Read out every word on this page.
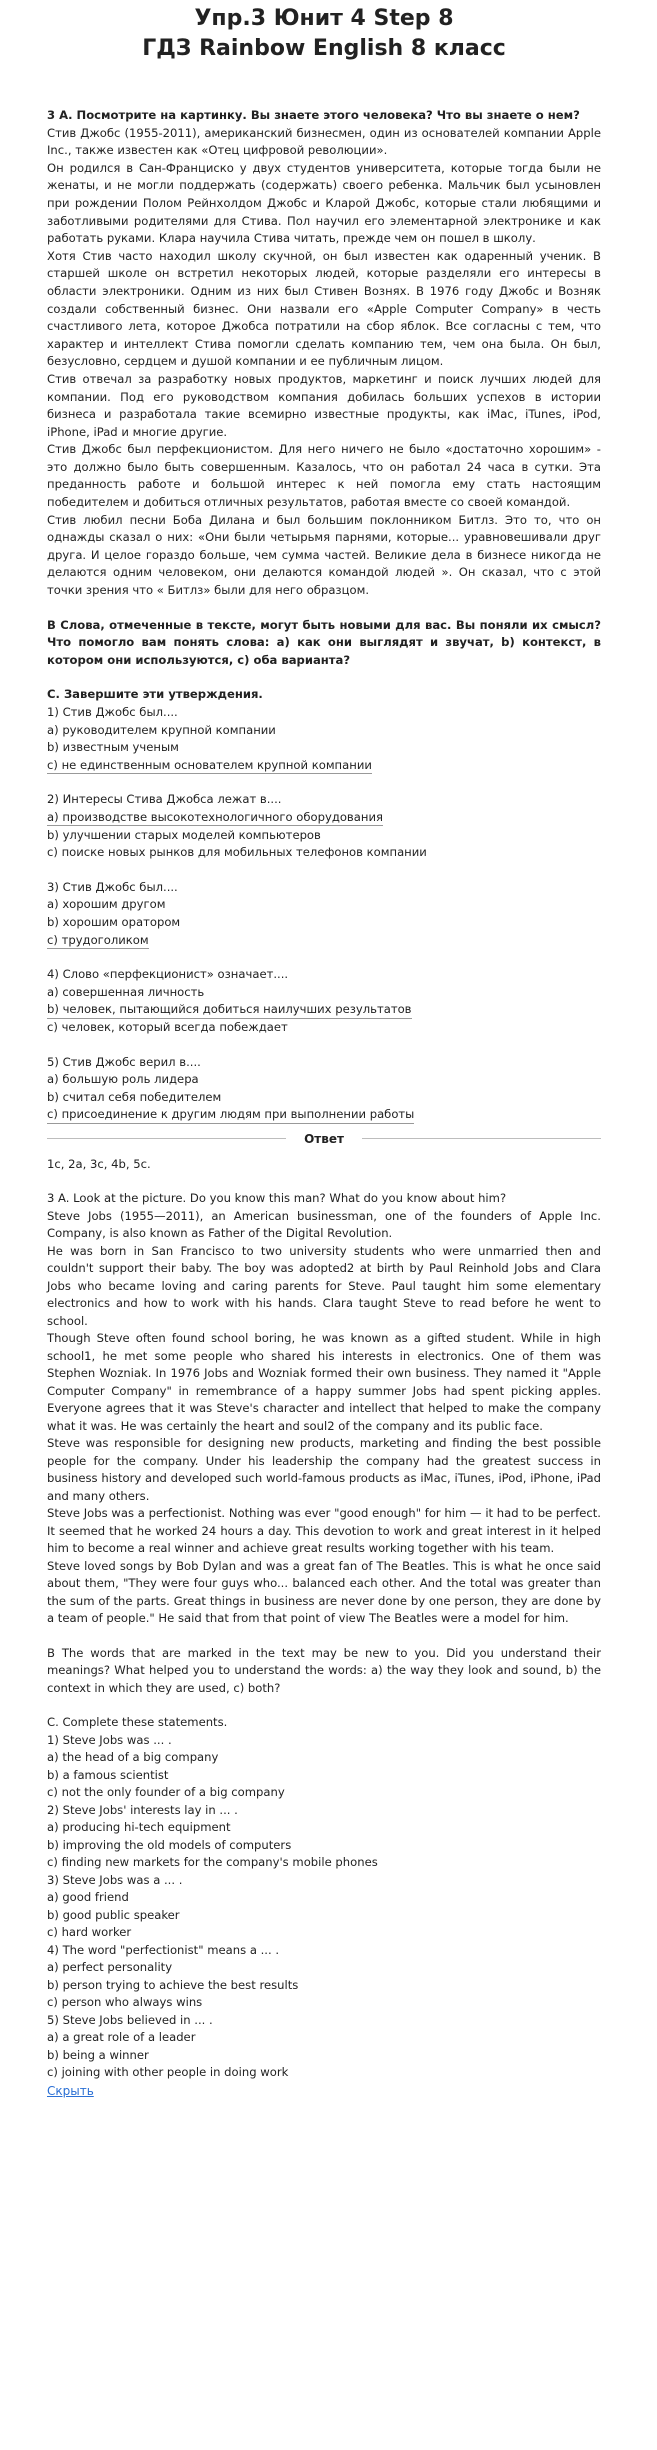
Упр.3 Юнит 4 Step 8
ГДЗ Rainbow English 8 класс

3 А. Посмотрите на картинку. Вы знаете этого человека? Что вы знаете о нем?

Стив Джобс (1955-2011), американский бизнесмен, один из основателей компании Apple Inc., также известен как «Отец цифровой революции».

Он родился в Сан-Франциско у двух студентов университета, которые тогда были не женаты, и не могли поддержать (содержать) своего ребенка. Мальчик был усыновлен при рождении Полом Рейнхолдом Джобс и Кларой Джобс, которые стали любящими и заботливыми родителями для Стива. Пол научил его элементарной электронике и как работать руками. Клара научила Стива читать, прежде чем он пошел в школу.

Хотя Стив часто находил школу скучной, он был известен как одаренный ученик. В старшей школе он встретил некоторых людей, которые разделяли его интересы в области электроники. Одним из них был Стивен Вознях. В 1976 году Джобс и Возняк создали собственный бизнес. Они назвали его «Apple Computer Company» в честь счастливого лета, которое Джобса потратили на сбор яблок. Все согласны с тем, что характер и интеллект Стива помогли сделать компанию тем, чем она была. Он был, безусловно, сердцем и душой компании и ее публичным лицом.

Стив отвечал за разработку новых продуктов, маркетинг и поиск лучших людей для компании. Под его руководством компания добилась больших успехов в истории бизнеса и разработала такие всемирно известные продукты, как iMac, iTunes, iPod, iPhone, iPad и многие другие.

Стив Джобс был перфекционистом. Для него ничего не было «достаточно хорошим» - это должно было быть совершенным. Казалось, что он работал 24 часа в сутки. Эта преданность работе и большой интерес к ней помогла ему стать настоящим победителем и добиться отличных результатов, работая вместе со своей командой.

Стив любил песни Боба Дилана и был большим поклонником Битлз. Это то, что он однажды сказал о них: «Они были четырьмя парнями, которые... уравновешивали друг друга. И целое гораздо больше, чем сумма частей. Великие дела в бизнесе никогда не делаются одним человеком, они делаются командой людей ». Он сказал, что с этой точки зрения что « Битлз» были для него образцом.

В Слова, отмеченные в тексте, могут быть новыми для вас. Вы поняли их смысл? Что помогло вам понять слова: а) как они выглядят и звучат, b) контекст, в котором они используются, с) оба варианта?

С. Завершите эти утверждения.

1) Стив Джобс был....

a) руководителем крупной компании

b) известным ученым

c) не единственным основателем крупной компании

2) Интересы Стива Джобса лежат в....

a) производстве высокотехнологичного оборудования

b) улучшении старых моделей компьютеров

c) поиске новых рынков для мобильных телефонов компании

3) Стив Джобс был....

a) хорошим другом

b) хорошим оратором

c) трудоголиком

4) Слово «перфекционист» означает....

a) совершенная личность

b) человек, пытающийся добиться наилучших результатов

c) человек, который всегда побеждает

5) Стив Джобс верил в....

a) большую роль лидера

b) считал себя победителем

c) присоединение к другим людям при выполнении работы

Ответ

1c, 2a, 3c, 4b, 5c.

3 A. Look at the picture. Do you know this man? What do you know about him?

Steve Jobs (1955—2011), an American businessman, one of the founders of Apple Inc. Company, is also known as Father of the Digital Revolution.

He was born in San Francisco to two university students who were unmarried then and couldn't support their baby. The boy was adopted2 at birth by Paul Reinhold Jobs and Clara Jobs who became loving and caring parents for Steve. Paul taught him some elementary electronics and how to work with his hands. Clara taught Steve to read before he went to school.

Though Steve often found school boring, he was known as a gifted student. While in high school1, he met some people who shared his interests in electronics. One of them was Stephen Wozniak. In 1976 Jobs and Wozniak formed their own business. They named it "Apple Computer Company" in remembrance of a happy summer Jobs had spent picking apples. Everyone agrees that it was Steve's character and intellect that helped to make the company what it was. He was certainly the heart and soul2 of the company and its public face.

Steve was responsible for designing new products, marketing and finding the best possible people for the company. Under his leadership the company had the greatest success in business history and developed such world-famous products as iMac, iTunes, iPod, iPhone, iPad and many others.

Steve Jobs was a perfectionist. Nothing was ever "good enough" for him — it had to be perfect. It seemed that he worked 24 hours a day. This devotion to work and great interest in it helped him to become a real winner and achieve great results working together with his team.

Steve loved songs by Bob Dylan and was a great fan of The Beatles. This is what he once said about them, "They were four guys who... balanced each other. And the total was greater than the sum of the parts. Great things in business are never done by one person, they are done by a team of people." He said that from that point of view The Beatles were a model for him.

B The words that are marked in the text may be new to you. Did you understand their meanings? What helped you to understand the words: a) the way they look and sound, b) the context in which they are used, c) both?

C. Complete these statements.

1) Steve Jobs was ... .

a) the head of a big company

b) a famous scientist

c) not the only founder of a big company

2) Steve Jobs' interests lay in ... .

a) producing hi-tech equipment

b) improving the old models of computers

c) finding new markets for the company's mobile phones

3) Steve Jobs was a ... .

a) good friend

b) good public speaker

c) hard worker

4) The word "perfectionist" means a ... .

a) perfect personality

b) person trying to achieve the best results

c) person who always wins

5) Steve Jobs believed in ... .

a) a great role of a leader

b) being a winner

c) joining with other people in doing work

Скрыть
